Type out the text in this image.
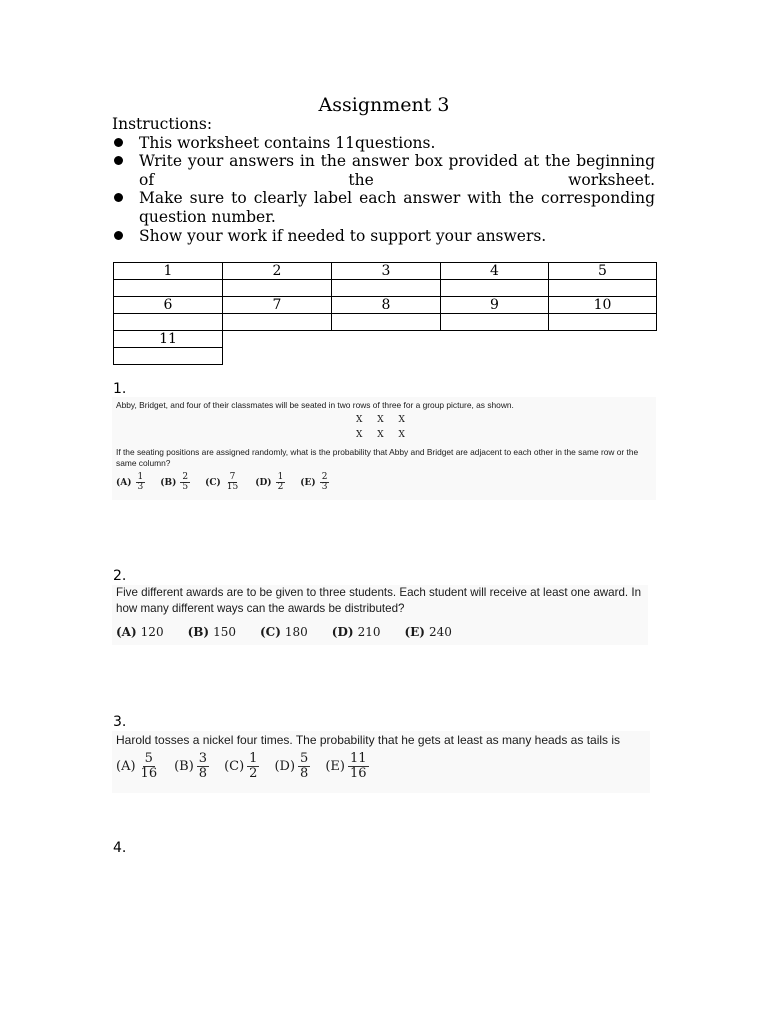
Assignment 3

Instructions:

This worksheet contains 11questions.
Write your answers in the answer box provided at the beginning of the worksheet.
Make sure to clearly label each answer with the corresponding question number.
Show your work if needed to support your answers.
1	2	3	4	5

6	7	8	9	10

11

1.

Abby, Bridget, and four of their classmates will be seated in two rows of three for a group picture, as shown.

X X X
X X X

If the seating positions are assigned randomly, what is the probability that Abby and Bridget are adjacent to each other in the same row or the same column?

$(A) \frac{1}{3} (B) \frac{2}{5} (C) \frac{7}{15} (D) \frac{1}{2} (E) \frac{2}{3}$
2.

Five different awards are to be given to three students. Each student will receive at least one award. In how many different ways can the awards be distributed?

(A) 120 (B) 150 (C) 180 (D) 210 (E) 240
3.

Harold tosses a nickel four times. The probability that he gets at least as many heads as tails is

$(A) \frac{5}{16} (B) \frac{3}{8} (C) \frac{1}{2} (D) \frac{5}{8} (E) \frac{11}{16}$
4.
